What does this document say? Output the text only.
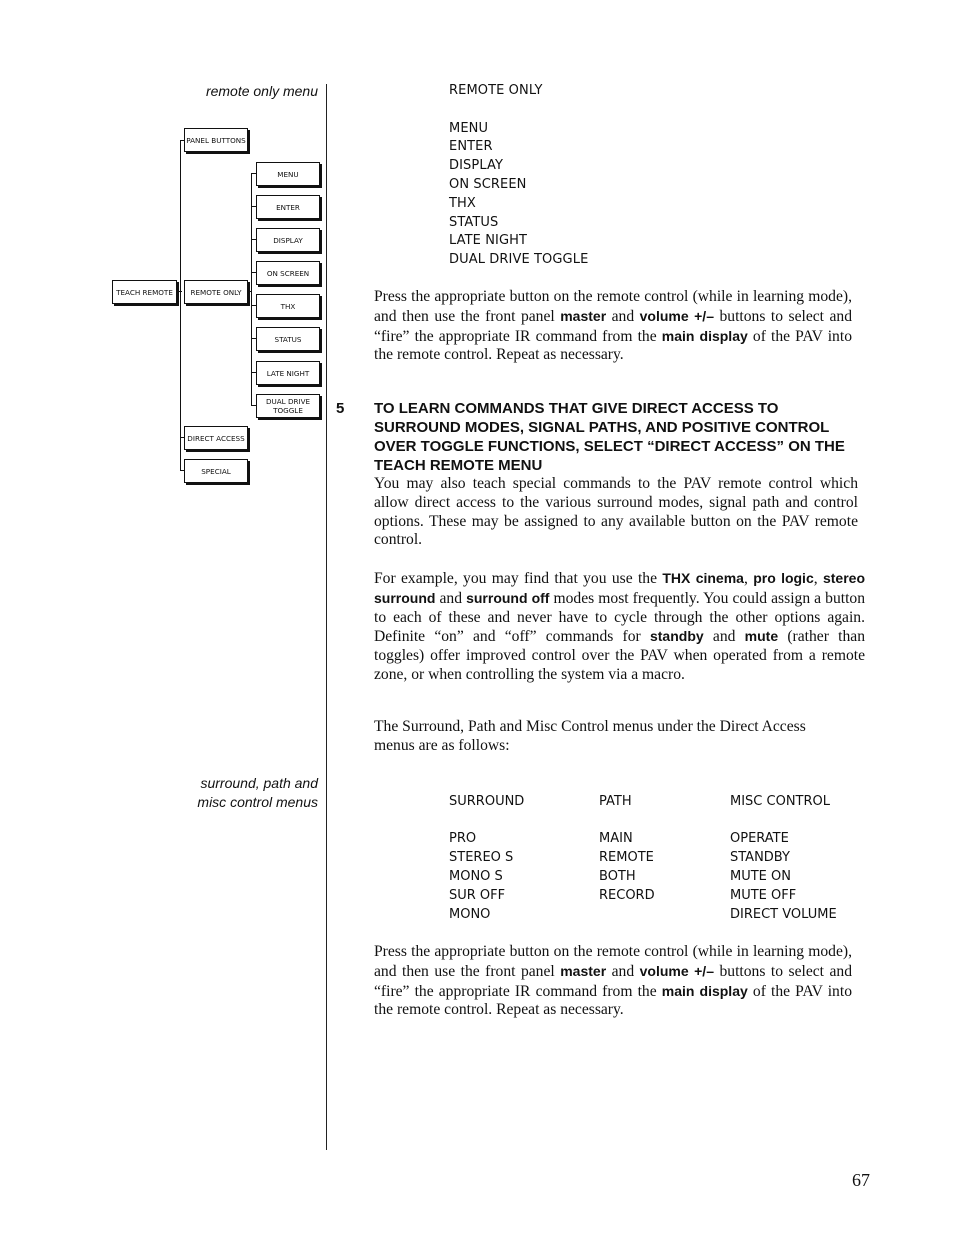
remote only menu
surround, path and
misc control menus
TEACH REMOTE
PANEL BUTTONS
REMOTE ONLY
DIRECT ACCESS
SPECIAL
MENU
ENTER
DISPLAY
ON SCREEN
THX
STATUS
LATE NIGHT
DUAL DRIVE TOGGLE
REMOTE ONLY
MENU
ENTER
DISPLAY
ON SCREEN
THX
STATUS
LATE NIGHT
DUAL DRIVE TOGGLE
Press the appropriate button on the remote control (while in learning mode), and then use the front panel master and volume +/– buttons to select and “fire” the appropriate IR command from the main display of the PAV into the remote control. Repeat as necessary.
5	TO LEARN COMMANDS THAT GIVE DIRECT ACCESS TO SURROUND MODES, SIGNAL PATHS, AND POSITIVE CONTROL OVER TOGGLE FUNCTIONS, SELECT “DIRECT ACCESS” ON THE TEACH REMOTE MENU
You may also teach special commands to the PAV remote control which allow direct access to the various surround modes, signal path and control options. These may be assigned to any available button on the PAV remote control.
For example, you may find that you use the THX cinema, pro logic, stereo surround and surround off modes most frequently. You could assign a button to each of these and never have to cycle through the other options again. Definite “on” and “off” commands for standby and mute (rather than toggles) offer improved control over the PAV when operated from a remote zone, or when controlling the system via a macro.
The Surround, Path and Misc Control menus under the Direct Access menus are as follows:
SURROUND
PRO
STEREO S
MONO S
SUR OFF
MONO
PATH
MAIN
REMOTE
BOTH
RECORD
MISC CONTROL
OPERATE
STANDBY
MUTE ON
MUTE OFF
DIRECT VOLUME
Press the appropriate button on the remote control (while in learning mode), and then use the front panel master and volume +/– buttons to select and “fire” the appropriate IR command from the main display of the PAV into the remote control. Repeat as necessary.
67
